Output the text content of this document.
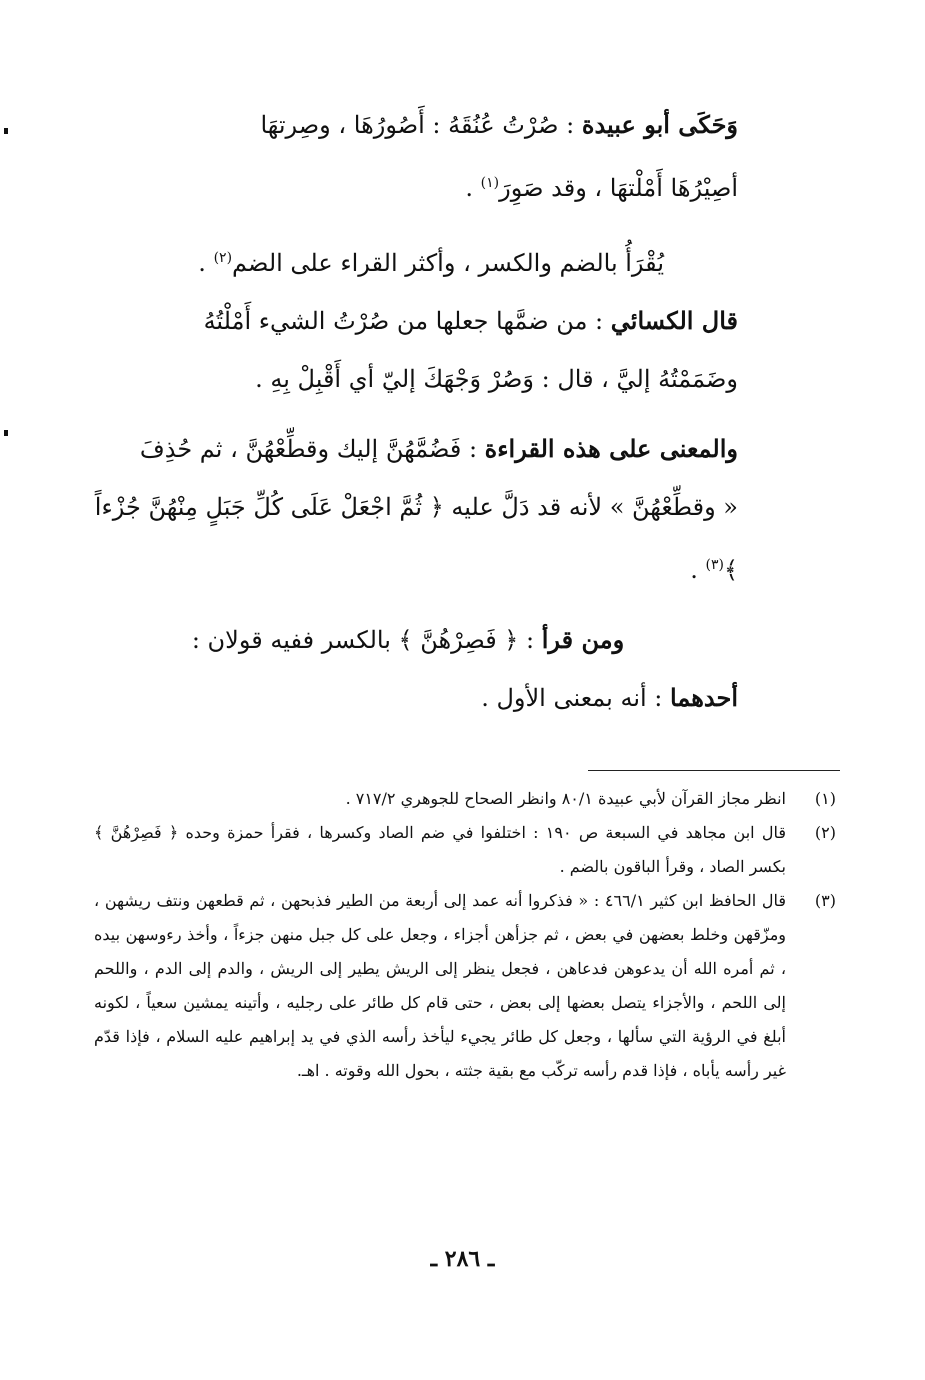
وَحَكَى أبو عبيدة : صُرْتُ عُنُقَهُ : أَصُورُهَا ، وصِرتهَا

أصِيْرُهَا أَمْلْتهَا ، وقد صَوِرَ$^{(١)}$ .

يُقْرَأُ بالضم والكسر ، وأكثر القراء على الضم$^{(٢)}$ .

قال الكسائي : من ضمَّها جعلها من صُرْتُ الشيء أَمْلْتُهُ

وضَمَمْتُهُ إليَّ ، قال : وَصُرْ وَجْهَكَ إليّ أي أَقْبِلْ بِهِ .

والمعنى على هذه القراءة : فَضُمَّهُنَّ إليك وقطِّعْهُنَّ ، ثم حُذِفَ

« وقطِّعْهُنَّ » لأنه قد دَلَّ عليه ﴿ ثُمَّ اجْعَلْ عَلَى كُلِّ جَبَلٍ مِنْهُنَّ جُزْءاً ﴾$^{(٣)}$ .

ومن قرأ : ﴿ فَصِرْهُنَّ ﴾ بالكسر ففيه قولان :

أحدهما : أنه بمعنى الأول .

(١)
انظر مجاز القرآن لأبي عبيدة ٨٠/١ وانظر الصحاح للجوهري ٧١٧/٢ .
(٢)
قال ابن مجاهد في السبعة ص ١٩٠ : اختلفوا في ضم الصاد وكسرها ، فقرأ حمزة وحده ﴿ فَصِرْهُنَّ ﴾ بكسر الصاد ، وقرأ الباقون بالضم .
(٣)
قال الحافظ ابن كثير ٤٦٦/١ : « فذكروا أنه عمد إلى أربعة من الطير فذبحهن ، ثم قطعهن ونتف ريشهن ، ومزّقهن وخلط بعضهن في بعض ، ثم جزأهن أجزاء ، وجعل على كل جبل منهن جزءاً ، وأخذ رءوسهن بيده ، ثم أمره الله أن يدعوهن فدعاهن ، فجعل ينظر إلى الريش يطير إلى الريش ، والدم إلى الدم ، واللحم إلى اللحم ، والأجزاء يتصل بعضها إلى بعض ، حتى قام كل طائر على رجليه ، وأتينه يمشين سعياً ، لكونه أبلغ في الرؤية التي سألها ، وجعل كل طائر يجيء ليأخذ رأسه الذي في يد إبراهيم عليه السلام ، فإذا قدّم غير رأسه يأباه ، فإذا قدم رأسه تركّب مع بقية جثته ، بحول الله وقوته . اهـ.
ـ ٢٨٦ ـ
